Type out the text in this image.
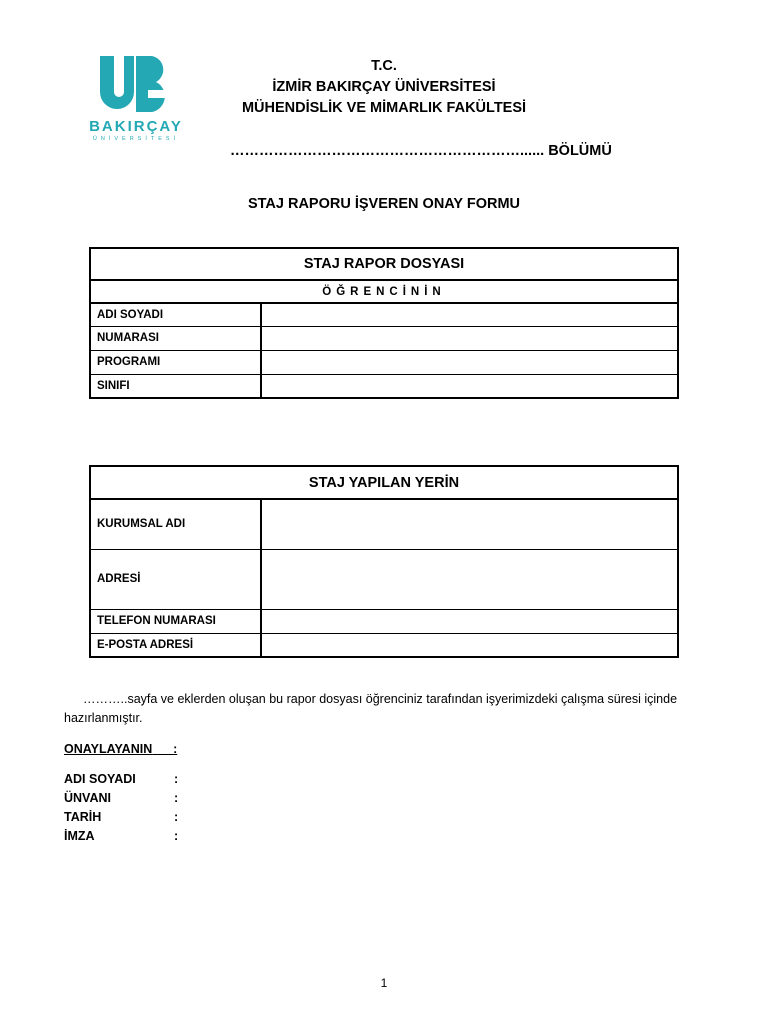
BAKIRÇAY
ÜNİVERSİTESİ
T.C.
İZMİR BAKIRÇAY ÜNİVERSİTESİ
MÜHENDİSLİK VE MİMARLIK FAKÜLTESİ
……………………………………………………...... BÖLÜMÜ
STAJ RAPORU İŞVEREN ONAY FORMU
STAJ RAPOR DOSYASI	
ÖĞRENCİNİN	
ADI SOYADI	
NUMARASI	
PROGRAMI	
SINIFI	
STAJ YAPILAN YERİN	
KURUMSAL ADI	
ADRESİ	
TELEFON NUMARASI	
E-POSTA ADRESİ	
………..sayfa ve eklerden oluşan bu rapor dosyası öğrenciniz tarafından işyerimizdeki çalışma süresi içinde hazırlanmıştır.
ONAYLAYANIN :
ADI SOYADI	:
ÜNVANI	:
TARİH	:
İMZA	:
1
